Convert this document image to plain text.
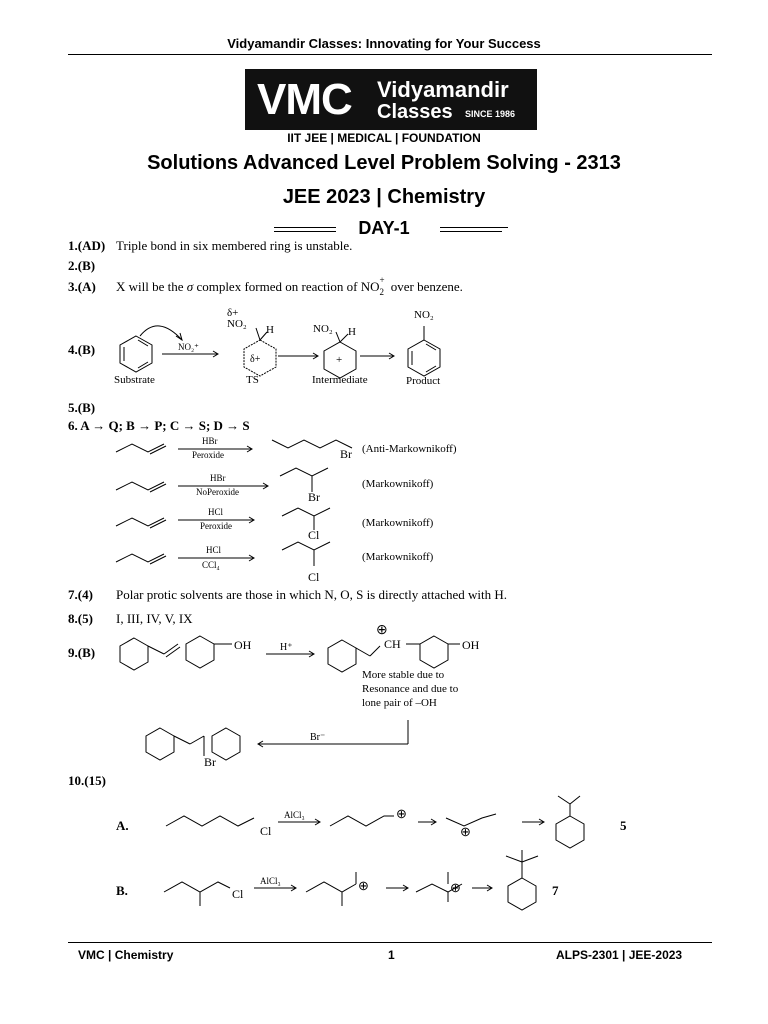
Vidyamandir Classes: Innovating for Your Success
VMC Vidyamandir
Classes SINCE 1986
IIT JEE | MEDICAL | FOUNDATION
Solutions Advanced Level Problem Solving - 2313
JEE 2023 | Chemistry
DAY-1
1.(AD) Triple bond in six membered ring is unstable.
2.(B)
3.(A) X will be the σ complex formed on reaction of NO +
2 over benzene.
4.(B)	NO₂⁺
δ+
NO₂ H
δ+
NO₂ H
+
NO₂
Substrate	TS	Intermediate	Product
5.(B)
6. A → Q; B → P; C → S; D → S
HBr
Peroxide	Br (Anti-Markownikoff)
HBr
NoPeroxide	Br
(Markownikoff)
HCl
Peroxide
Cl
(Markownikoff)
HCl
CCl₄
Cl
(Markownikoff)
7.(4) Polar protic solvents are those in which N, O, S is directly attached with H.
8.(5) I, III, IV, V, IX
9.(B)	OH	H⁺
⊕
CH	OH
More stable due to
Resonance and due to
lone pair of –OH
Br⁻
Br
10.(15)
A.	Cl
AlCl₃	⊕
⊕	5
B.	Cl
AlCl₃	⊕	⊕	7
VMC | Chemistry	1	ALPS-2301 | JEE-2023
